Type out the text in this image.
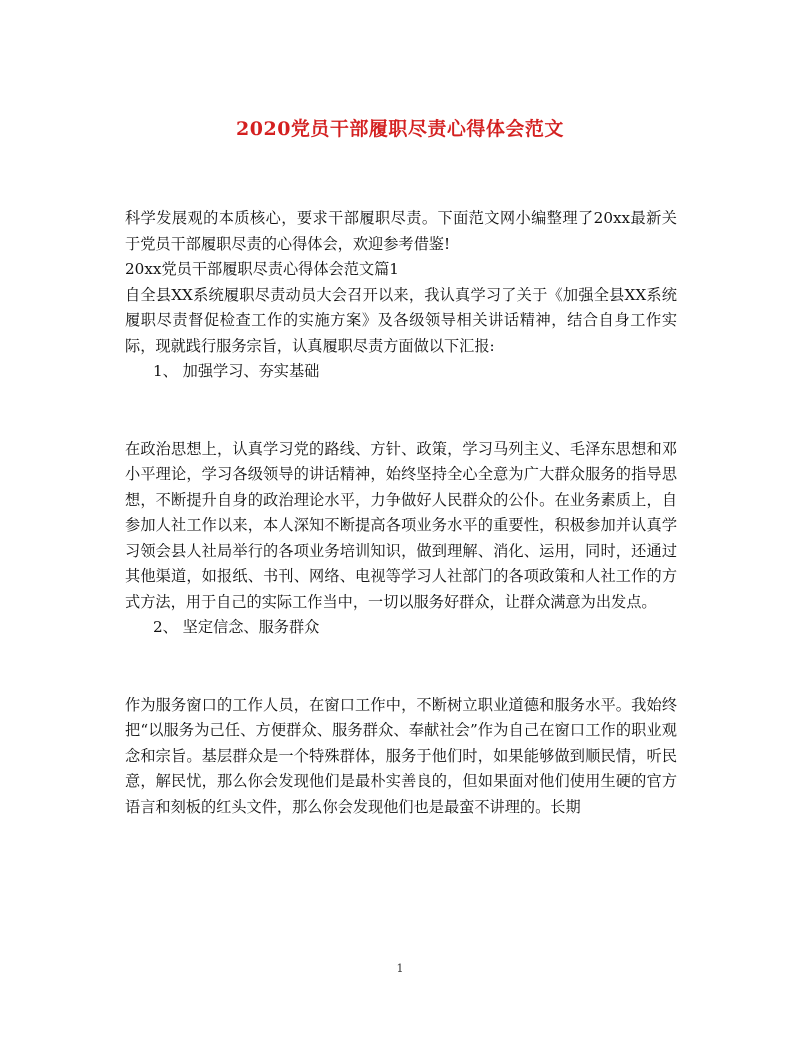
2020党员干部履职尽责心得体会范文

科学发展观的本质核心，要求干部履职尽责。下面范文网小编整理了20xx最新关于党员干部履职尽责的心得体会，欢迎参考借鉴!

20xx党员干部履职尽责心得体会范文篇1

自全县XX系统履职尽责动员大会召开以来，我认真学习了关于《加强全县XX系统履职尽责督促检查工作的实施方案》及各级领导相关讲话精神，结合自身工作实际，现就践行服务宗旨，认真履职尽责方面做以下汇报:

1、 加强学习、夯实基础

在政治思想上，认真学习党的路线、方针、政策，学习马列主义、毛泽东思想和邓小平理论，学习各级领导的讲话精神，始终坚持全心全意为广大群众服务的指导思想，不断提升自身的政治理论水平，力争做好人民群众的公仆。在业务素质上，自参加人社工作以来，本人深知不断提高各项业务水平的重要性，积极参加并认真学习领会县人社局举行的各项业务培训知识，做到理解、消化、运用，同时，还通过其他渠道，如报纸、书刊、网络、电视等学习人社部门的各项政策和人社工作的方式方法，用于自己的实际工作当中，一切以服务好群众，让群众满意为出发点。

2、 坚定信念、服务群众

作为服务窗口的工作人员，在窗口工作中，不断树立职业道德和服务水平。我始终把“以服务为己任、方便群众、服务群众、奉献社会”作为自己在窗口工作的职业观念和宗旨。基层群众是一个特殊群体，服务于他们时，如果能够做到顺民情，听民意，解民忧，那么你会发现他们是最朴实善良的，但如果面对他们使用生硬的官方语言和刻板的红头文件，那么你会发现他们也是最蛮不讲理的。长期

1
